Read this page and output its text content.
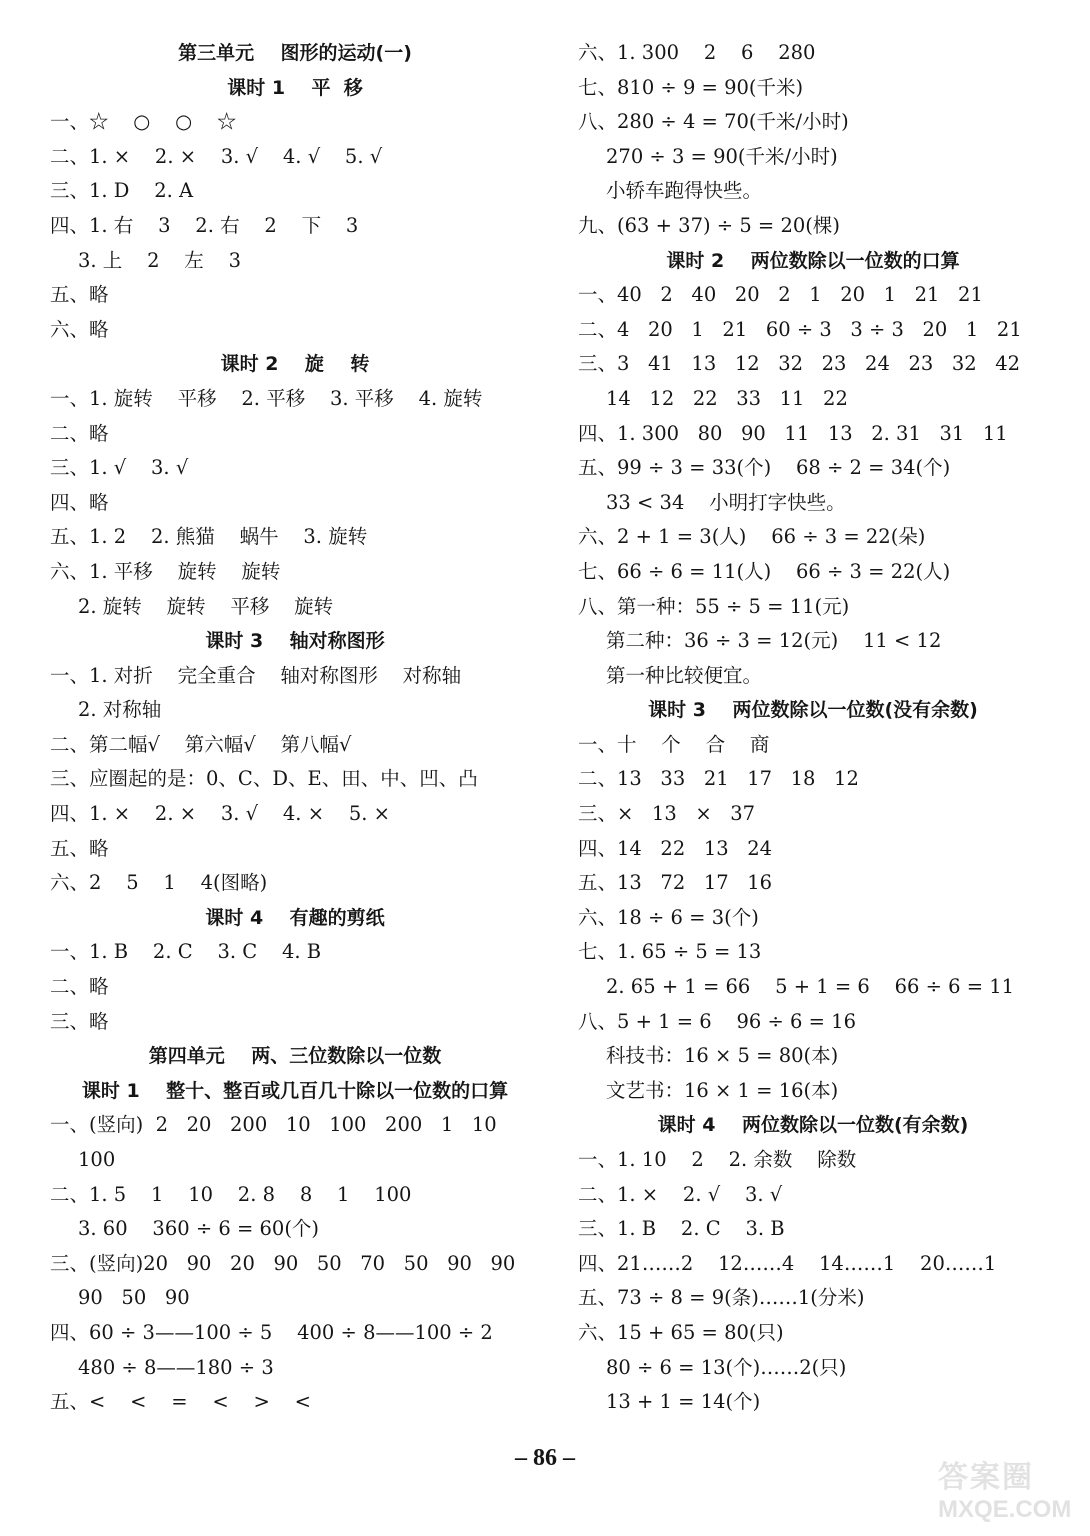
第三单元    图形的运动(一)
课时 1    平  移
一、☆    ○    ○    ☆
二、1. ×    2. ×    3. √    4. √    5. √
三、1. D    2. A
四、1. 右    3    2. 右    2    下    3
3. 上    2    左    3
五、略
六、略
课时 2    旋    转
一、1. 旋转    平移    2. 平移    3. 平移    4. 旋转
二、略
三、1. √    3. √
四、略
五、1. 2    2. 熊猫    蜗牛    3. 旋转
六、1. 平移    旋转    旋转
2. 旋转    旋转    平移    旋转
课时 3    轴对称图形
一、1. 对折    完全重合    轴对称图形    对称轴
2. 对称轴
二、第二幅√    第六幅√    第八幅√
三、应圈起的是：0、C、D、E、田、中、凹、凸
四、1. ×    2. ×    3. √    4. ×    5. ×
五、略
六、2    5    1    4(图略)
课时 4    有趣的剪纸
一、1. B    2. C    3. C    4. B
二、略
三、略
第四单元    两、三位数除以一位数
课时 1    整十、整百或几百几十除以一位数的口算
一、(竖向)  2   20   200   10   100   200   1   10
100
二、1. 5    1    10    2. 8    8    1    100
3. 60    360 ÷ 6 = 60(个)
三、(竖向)20   90   20   90   50   70   50   90   90
90   50   90
四、60 ÷ 3——100 ÷ 5    400 ÷ 8——100 ÷ 2
480 ÷ 8——180 ÷ 3
五、<    <    =    <    >    <
六、1. 300    2    6    280
七、810 ÷ 9 = 90(千米)
八、280 ÷ 4 = 70(千米/小时)
270 ÷ 3 = 90(千米/小时)
小轿车跑得快些。
九、(63 + 37) ÷ 5 = 20(棵)
课时 2    两位数除以一位数的口算
一、40   2   40   20   2   1   20   1   21   21
二、4   20   1   21   60 ÷ 3   3 ÷ 3   20   1   21
三、3   41   13   12   32   23   24   23   32   42
14   12   22   33   11   22
四、1. 300   80   90   11   13   2. 31   31   11
五、99 ÷ 3 = 33(个)    68 ÷ 2 = 34(个)
33 < 34    小明打字快些。
六、2 + 1 = 3(人)    66 ÷ 3 = 22(朵)
七、66 ÷ 6 = 11(人)    66 ÷ 3 = 22(人)
八、第一种：55 ÷ 5 = 11(元)
第二种：36 ÷ 3 = 12(元)    11 < 12
第一种比较便宜。
课时 3    两位数除以一位数(没有余数)
一、十    个    合    商
二、13   33   21   17   18   12
三、×   13   ×   37
四、14   22   13   24
五、13   72   17   16
六、18 ÷ 6 = 3(个)
七、1. 65 ÷ 5 = 13
2. 65 + 1 = 66    5 + 1 = 6    66 ÷ 6 = 11
八、5 + 1 = 6    96 ÷ 6 = 16
科技书：16 × 5 = 80(本)
文艺书：16 × 1 = 16(本)
课时 4    两位数除以一位数(有余数)
一、1. 10    2    2. 余数    除数
二、1. ×    2. √    3. √
三、1. B    2. C    3. B
四、21……2    12……4    14……1    20……1
五、73 ÷ 8 = 9(条)……1(分米)
六、15 + 65 = 80(只)
80 ÷ 6 = 13(个)……2(只)
13 + 1 = 14(个)
– 86 –
答案圈
MXQE.COM
